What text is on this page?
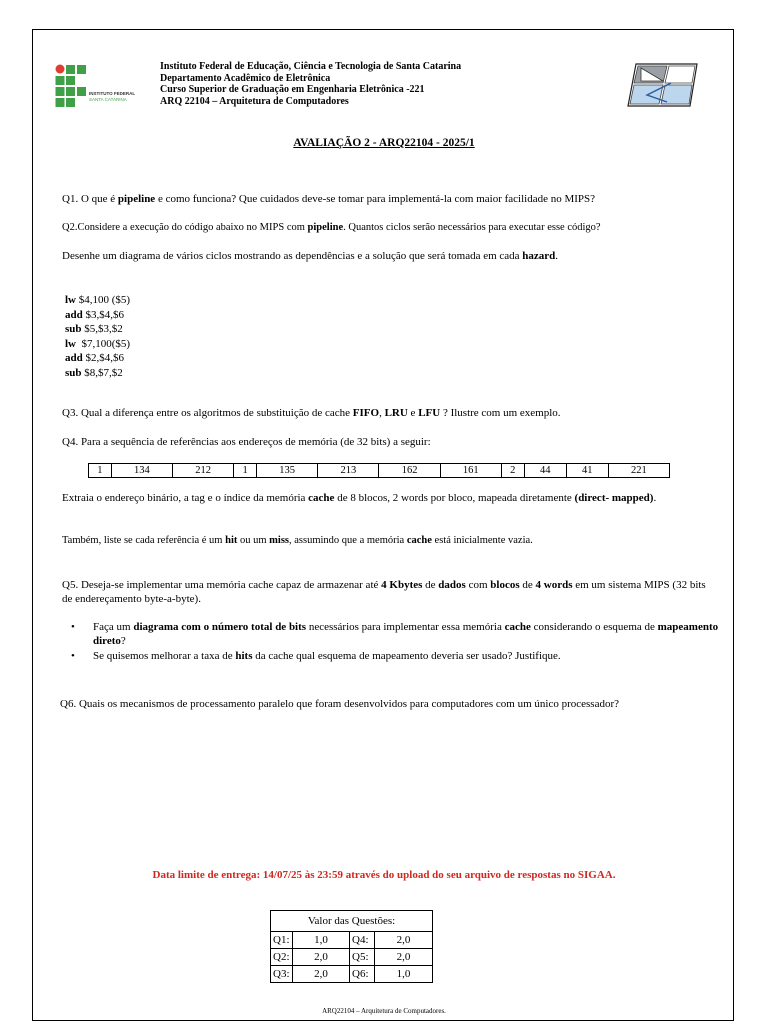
INSTITUTO FEDERAL
SANTA CATARINA
Instituto Federal de Educação, Ciência e Tecnologia de Santa Catarina
Departamento Acadêmico de Eletrônica
Curso Superior de Graduação em Engenharia Eletrônica -221
ARQ 22104 – Arquitetura de Computadores
AVALIAÇÃO 2 - ARQ22104 - 2025/1
Q1. O que é pipeline e como funciona? Que cuidados deve-se tomar para implementá-la com maior facilidade no MIPS?
Q2.Considere a execução do código abaixo no MIPS com pipeline. Quantos ciclos serão necessários para executar esse código?
Desenhe um diagrama de vários ciclos mostrando as dependências e a solução que será tomada em cada hazard.
lw $4,100 ($5)
add $3,$4,$6
sub $5,$3,$2
lw  $7,100($5)
add $2,$4,$6
sub $8,$7,$2
Q3. Qual a diferença entre os algoritmos de substituição de cache FIFO, LRU e LFU ? Ilustre com um exemplo.
Q4. Para a sequência de referências aos endereços de memória (de 32 bits) a seguir:
1	134	212	1	135	213	162	161	2	44	41	221
Extraia o endereço binário, a tag e o índice da memória cache de 8 blocos, 2 words por bloco, mapeada diretamente (direct- mapped).
Também, liste se cada referência é um hit ou um miss, assumindo que a memória cache está inicialmente vazia.
Q5. Deseja-se implementar uma memória cache capaz de armazenar até 4 Kbytes de dados com blocos de 4 words em um sistema MIPS (32 bits de endereçamento byte-a-byte).
• Faça um diagrama com o número total de bits necessários para implementar essa memória cache considerando o esquema de mapeamento direto?
• Se quisemos melhorar a taxa de hits da cache qual esquema de mapeamento deveria ser usado? Justifique.
Q6. Quais os mecanismos de processamento paralelo que foram desenvolvidos para computadores com um único processador?
Data limite de entrega: 14/07/25 às 23:59 através do upload do seu arquivo de respostas no SIGAA.
Valor das Questões:			
Q1:	1,0	Q4:	2,0
Q2:	2,0	Q5:	2,0
Q3:	2,0	Q6:	1,0
ARQ22104 – Arquitetura de Computadores.
